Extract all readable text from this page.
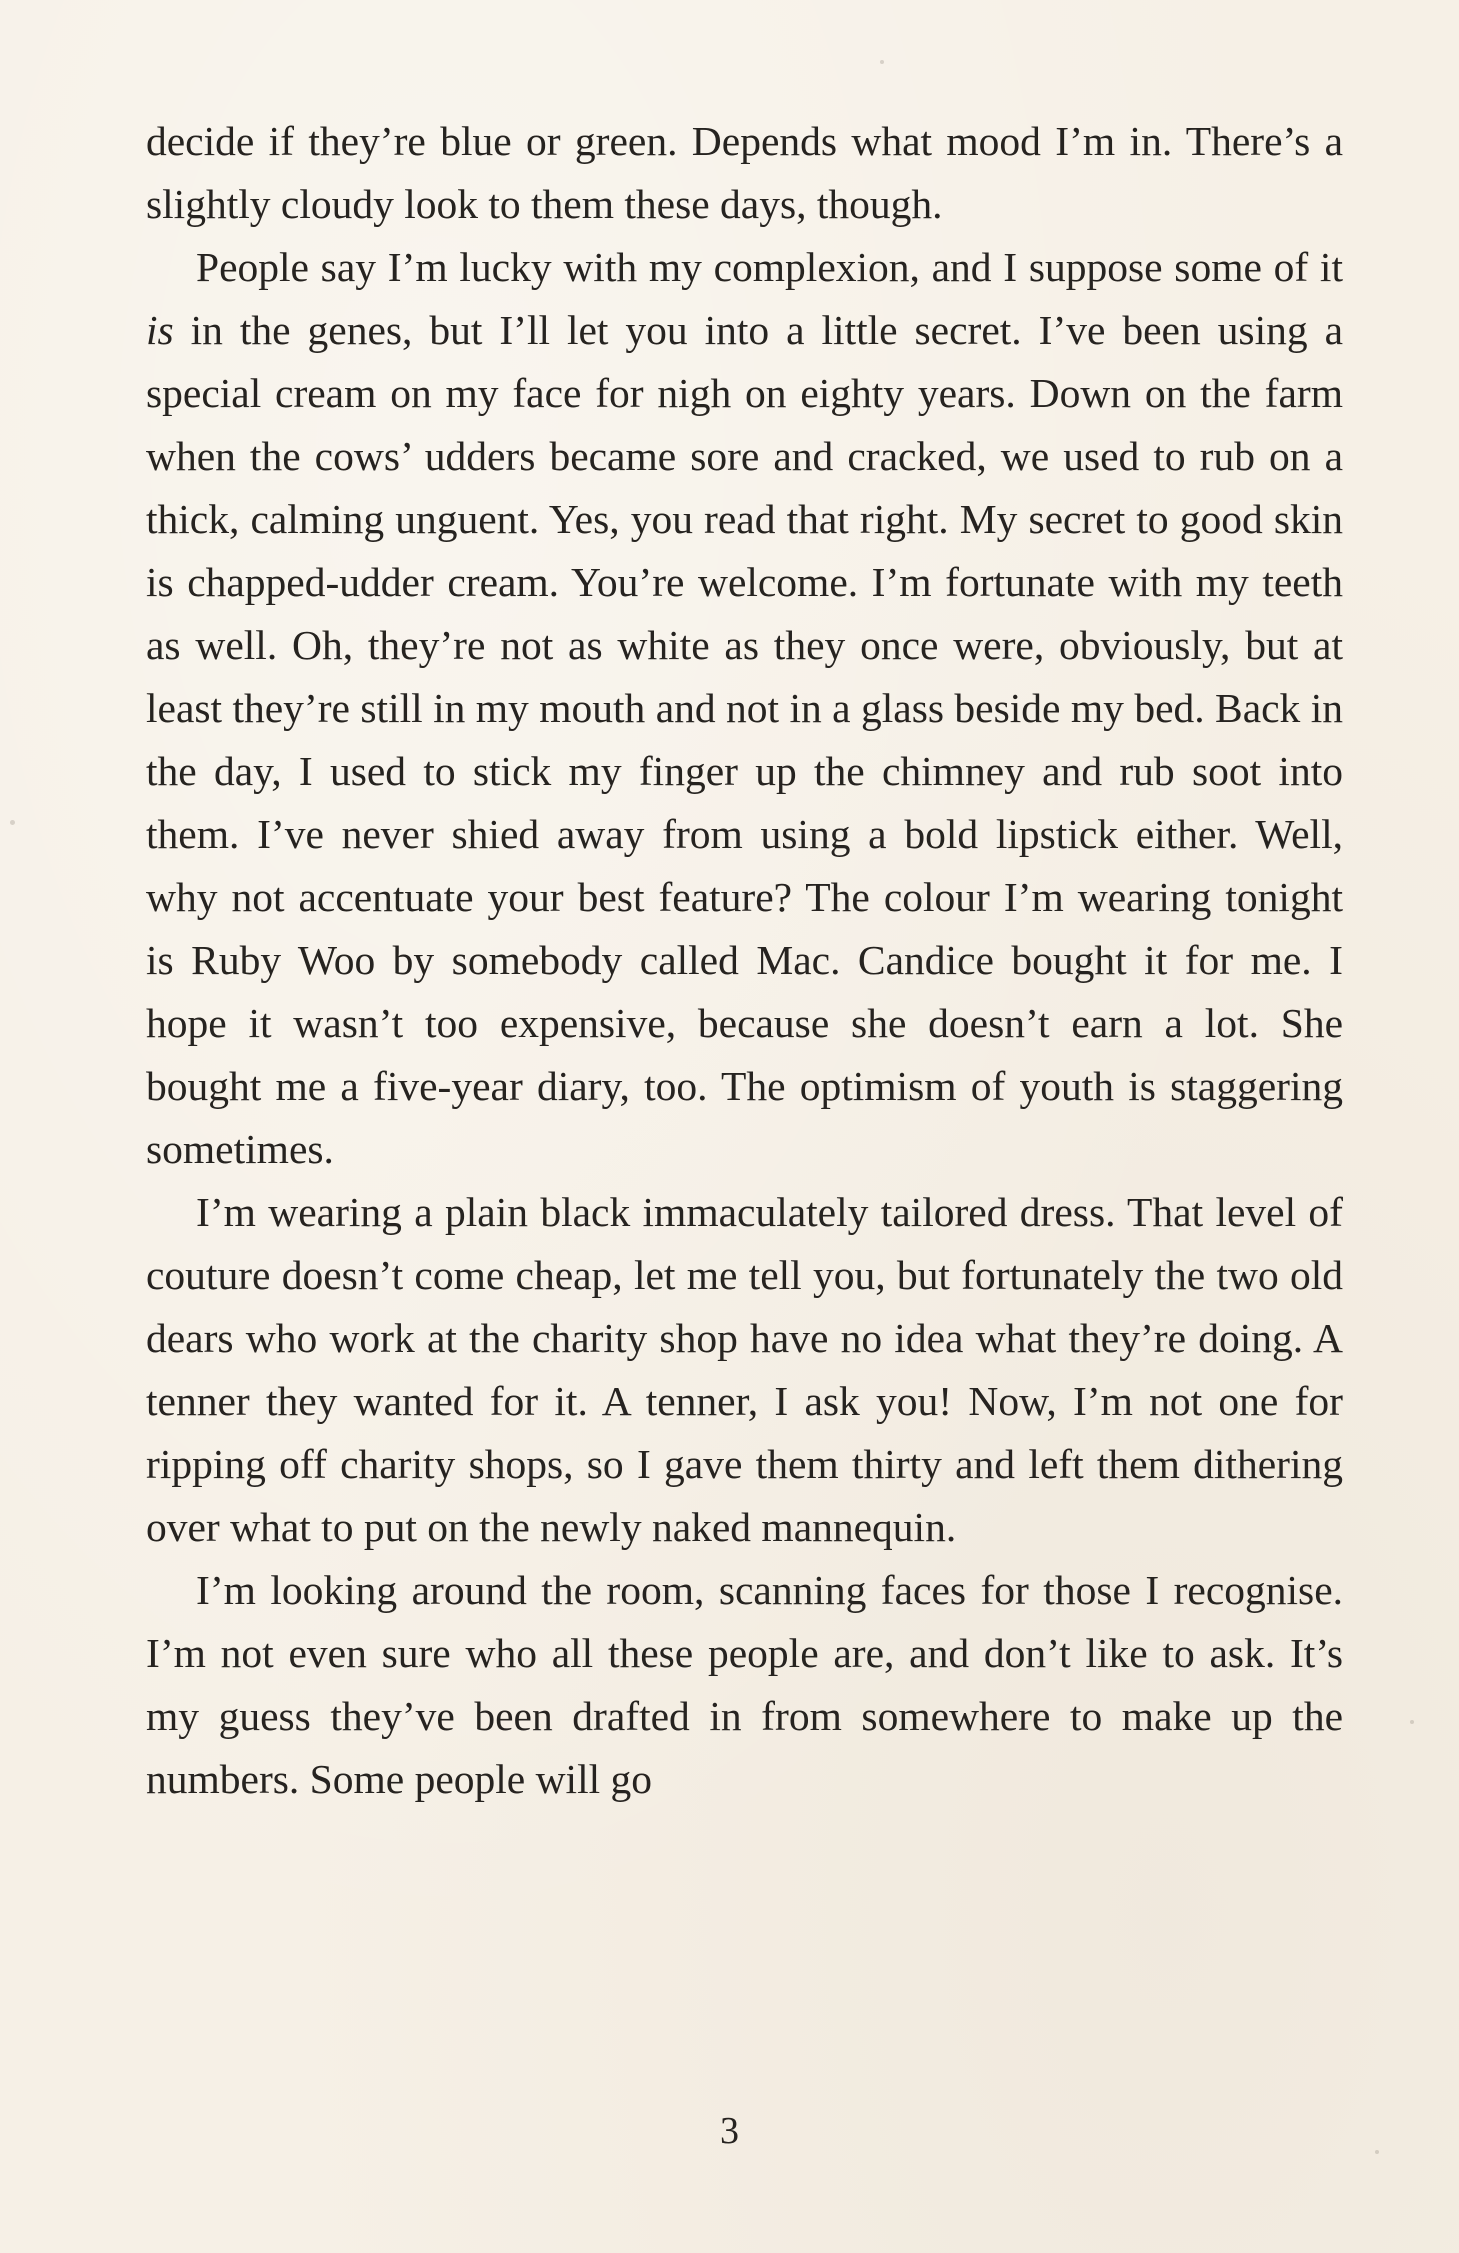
decide if they’re blue or green. Depends what mood I’m in. There’s a slightly cloudy look to them these days, though.

People say I’m lucky with my complexion, and I suppose some of it is in the genes, but I’ll let you into a little secret. I’ve been using a special cream on my face for nigh on eighty years. Down on the farm when the cows’ udders became sore and cracked, we used to rub on a thick, calming unguent. Yes, you read that right. My secret to good skin is chapped-udder cream. You’re welcome. I’m fortunate with my teeth as well. Oh, they’re not as white as they once were, obviously, but at least they’re still in my mouth and not in a glass beside my bed. Back in the day, I used to stick my finger up the chimney and rub soot into them. I’ve never shied away from using a bold lipstick either. Well, why not accentuate your best feature? The colour I’m wearing tonight is Ruby Woo by somebody called Mac. Candice bought it for me. I hope it wasn’t too expensive, because she doesn’t earn a lot. She bought me a five-year diary, too. The optimism of youth is staggering sometimes.

I’m wearing a plain black immaculately tailored dress. That level of couture doesn’t come cheap, let me tell you, but fortunately the two old dears who work at the charity shop have no idea what they’re doing. A tenner they wanted for it. A tenner, I ask you! Now, I’m not one for ripping off charity shops, so I gave them thirty and left them dithering over what to put on the newly naked mannequin.

I’m looking around the room, scanning faces for those I recognise. I’m not even sure who all these people are, and don’t like to ask. It’s my guess they’ve been drafted in from somewhere to make up the numbers. Some people will go

3
